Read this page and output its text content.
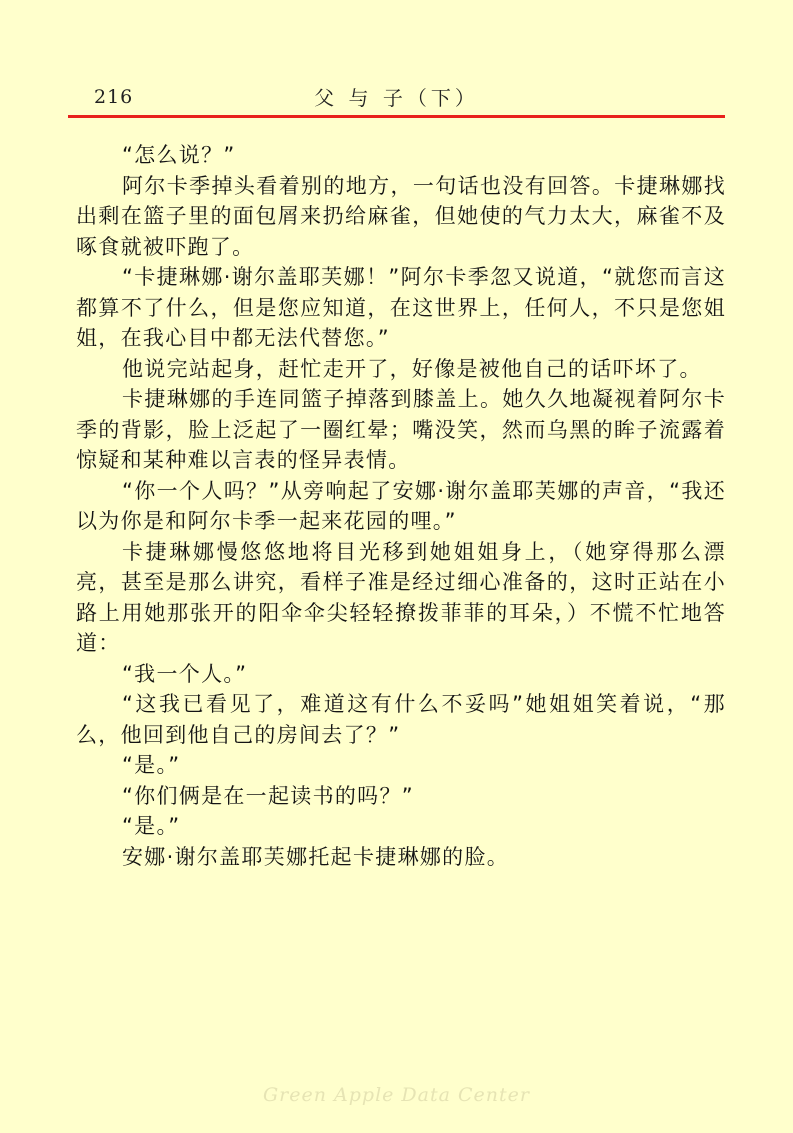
216	父 与 子（下）

“怎么说？”

阿尔卡季掉头看着别的地方，一句话也没有回答。卡捷琳娜找出剩在篮子里的面包屑来扔给麻雀，但她使的气力太大，麻雀不及啄食就被吓跑了。

“卡捷琳娜·谢尔盖耶芙娜！”阿尔卡季忽又说道，“就您而言这都算不了什么，但是您应知道，在这世界上，任何人，不只是您姐姐，在我心目中都无法代替您。”

他说完站起身，赶忙走开了，好像是被他自己的话吓坏了。

卡捷琳娜的手连同篮子掉落到膝盖上。她久久地凝视着阿尔卡季的背影，脸上泛起了一圈红晕；嘴没笑，然而乌黑的眸子流露着惊疑和某种难以言表的怪异表情。

“你一个人吗？”从旁响起了安娜·谢尔盖耶芙娜的声音，“我还以为你是和阿尔卡季一起来花园的哩。”

卡捷琳娜慢悠悠地将目光移到她姐姐身上，（她穿得那么漂亮，甚至是那么讲究，看样子准是经过细心准备的，这时正站在小路上用她那张开的阳伞伞尖轻轻撩拨菲菲的耳朵，）不慌不忙地答道：

“我一个人。”

“这我已看见了，难道这有什么不妥吗”她姐姐笑着说，“那么，他回到他自己的房间去了？”

“是。”

“你们俩是在一起读书的吗？”

“是。”

安娜·谢尔盖耶芙娜托起卡捷琳娜的脸。

Green Apple Data Center
